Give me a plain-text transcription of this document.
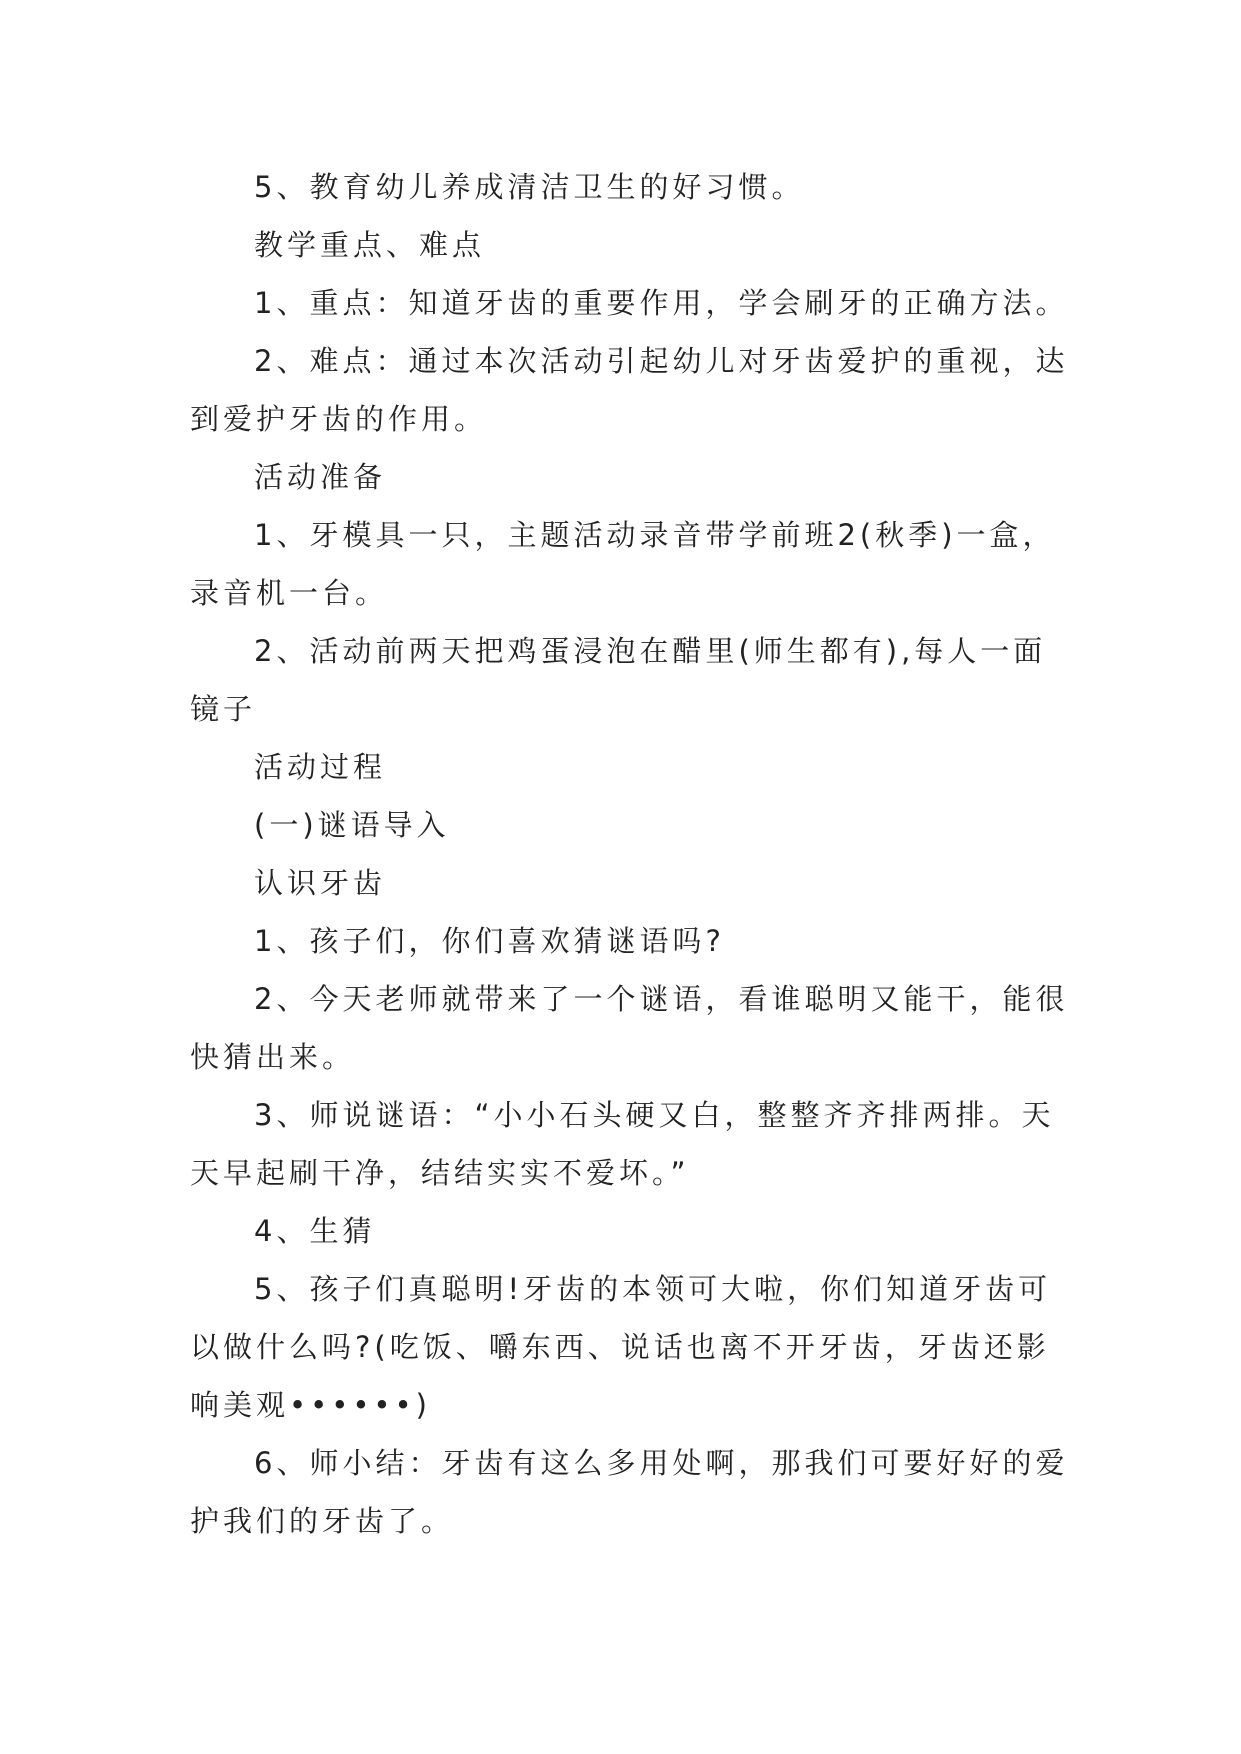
5、教育幼儿养成清洁卫生的好习惯。

教学重点、难点

1、重点：知道牙齿的重要作用，学会刷牙的正确方法。

2、难点：通过本次活动引起幼儿对牙齿爱护的重视，达到爱护牙齿的作用。

活动准备

1、牙模具一只，主题活动录音带学前班2(秋季)一盒，录音机一台。

2、活动前两天把鸡蛋浸泡在醋里(师生都有),每人一面镜子

活动过程

(一)谜语导入

认识牙齿

1、孩子们，你们喜欢猜谜语吗?

2、今天老师就带来了一个谜语，看谁聪明又能干，能很快猜出来。

3、师说谜语：“小小石头硬又白，整整齐齐排两排。天天早起刷干净，结结实实不爱坏。”

4、生猜

5、孩子们真聪明!牙齿的本领可大啦，你们知道牙齿可以做什么吗?(吃饭、嚼东西、说话也离不开牙齿，牙齿还影响美观••••••)

6、师小结：牙齿有这么多用处啊，那我们可要好好的爱护我们的牙齿了。
